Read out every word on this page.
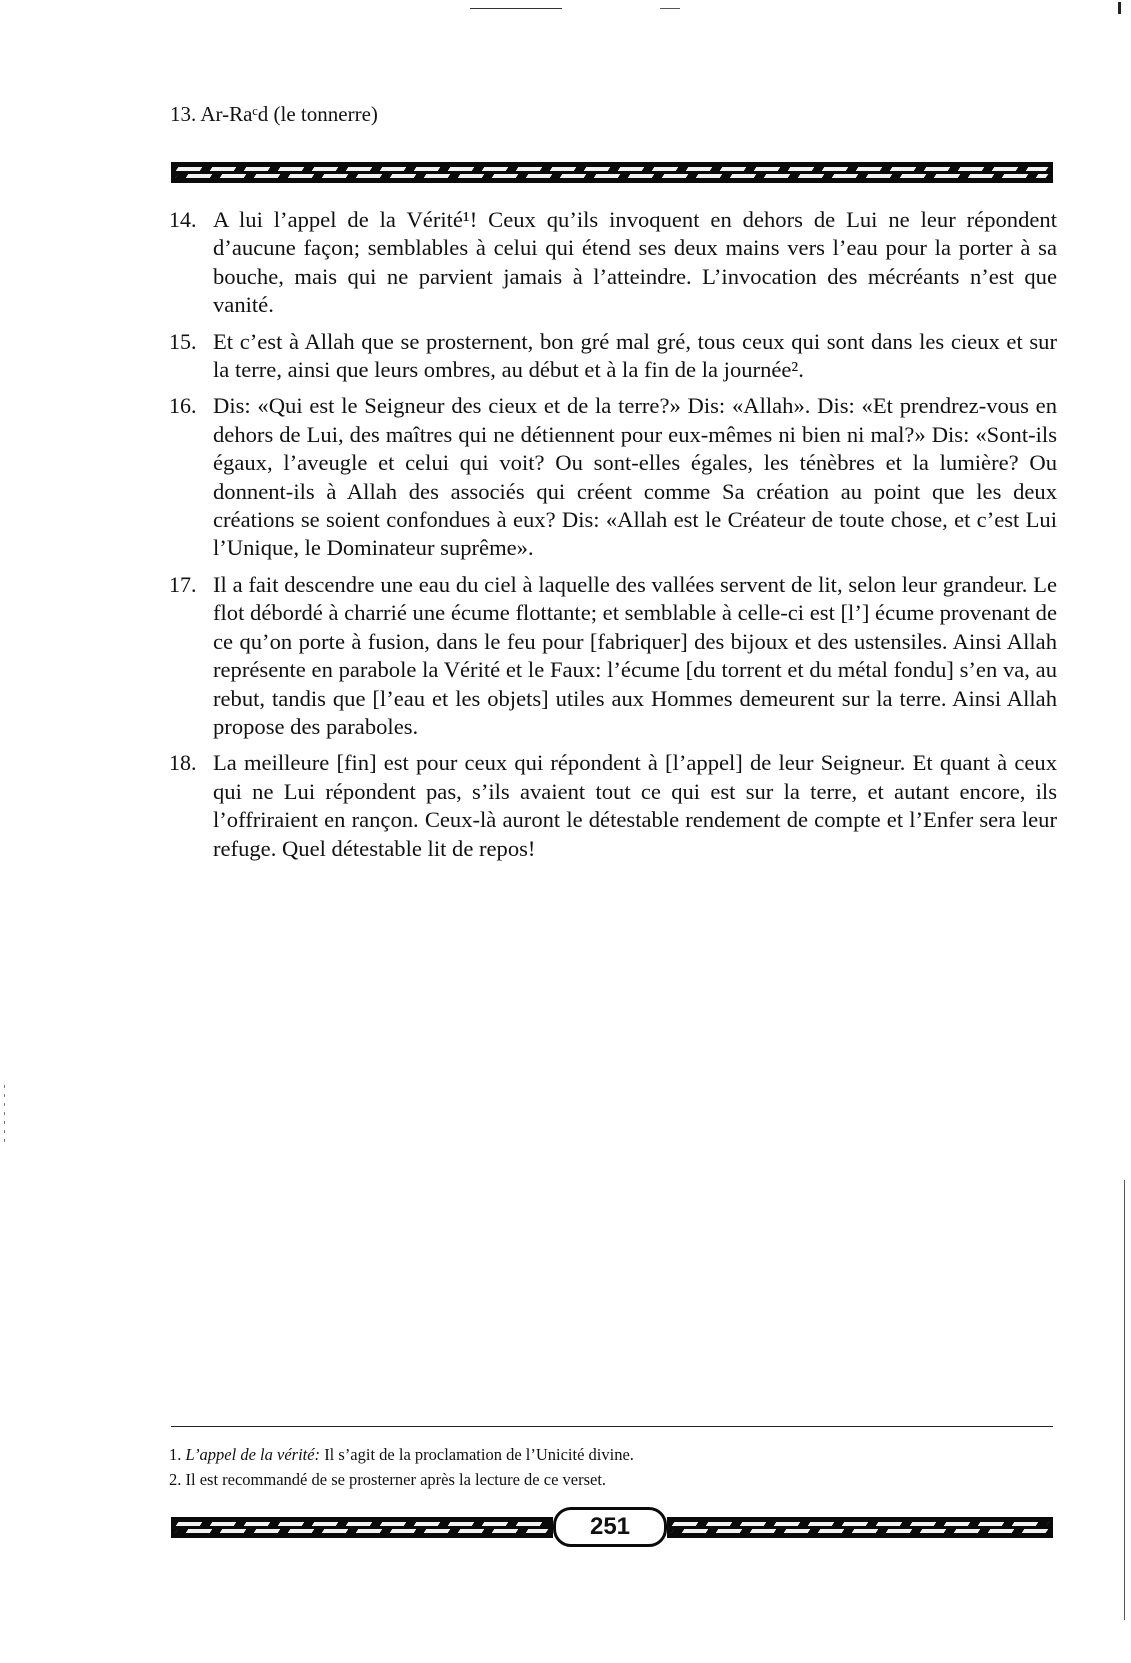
13. Ar-Raᶜd (le tonnerre)
14. A lui l’appel de la Vérité¹! Ceux qu’ils invoquent en dehors de Lui ne leur répondent d’aucune façon; semblables à celui qui étend ses deux mains vers l’eau pour la porter à sa bouche, mais qui ne parvient jamais à l’atteindre. L’invocation des mécréants n’est que vanité.
15. Et c’est à Allah que se prosternent, bon gré mal gré, tous ceux qui sont dans les cieux et sur la terre, ainsi que leurs ombres, au début et à la fin de la journée².
16. Dis: «Qui est le Seigneur des cieux et de la terre?» Dis: «Allah». Dis: «Et prendrez-vous en dehors de Lui, des maîtres qui ne détiennent pour eux-mêmes ni bien ni mal?» Dis: «Sont-ils égaux, l’aveugle et celui qui voit? Ou sont-elles égales, les ténèbres et la lumière? Ou donnent-ils à Allah des associés qui créent comme Sa création au point que les deux créations se soient confondues à eux? Dis: «Allah est le Créateur de toute chose, et c’est Lui l’Unique, le Dominateur suprême».
17. Il a fait descendre une eau du ciel à laquelle des vallées servent de lit, selon leur grandeur. Le flot débordé à charrié une écume flottante; et semblable à celle-ci est [l’] écume provenant de ce qu’on porte à fusion, dans le feu pour [fabriquer] des bijoux et des ustensiles. Ainsi Allah représente en parabole la Vérité et le Faux: l’écume [du torrent et du métal fondu] s’en va, au rebut, tandis que [l’eau et les objets] utiles aux Hommes demeurent sur la terre. Ainsi Allah propose des paraboles.
18. La meilleure [fin] est pour ceux qui répondent à [l’appel] de leur Seigneur. Et quant à ceux qui ne Lui répondent pas, s’ils avaient tout ce qui est sur la terre, et autant encore, ils l’offriraient en rançon. Ceux-là auront le détestable rendement de compte et l’Enfer sera leur refuge. Quel détestable lit de repos!
1. L’appel de la vérité: Il s’agit de la proclamation de l’Unicité divine.
2. Il est recommandé de se prosterner après la lecture de ce verset.
251
